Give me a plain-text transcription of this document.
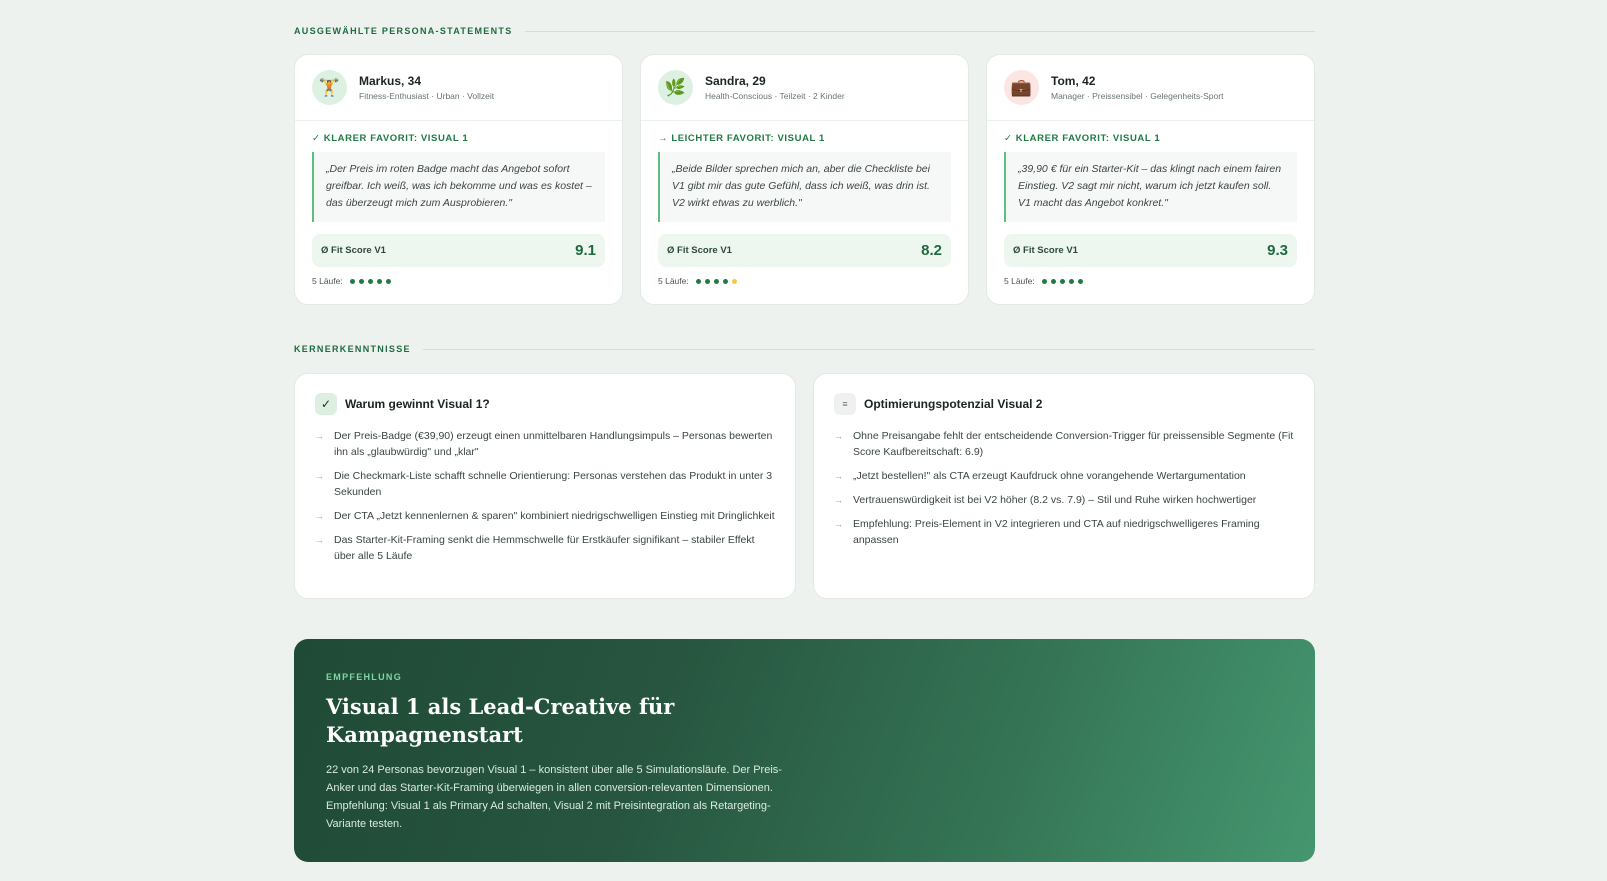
AUSGEWÄHLTE PERSONA-STATEMENTS
🏋	Markus, 34
Fitness-Enthusiast · Urban · Vollzeit
✓ KLARER FAVORIT: VISUAL 1
„Der Preis im roten Badge macht das Angebot sofort greifbar. Ich weiß, was ich bekomme und was es kostet – das überzeugt mich zum Ausprobieren."
Ø Fit Score V1	9.1
5 Läufe:
🌿	Sandra, 29
Health-Conscious · Teilzeit · 2 Kinder
→ LEICHTER FAVORIT: VISUAL 1
„Beide Bilder sprechen mich an, aber die Checkliste bei V1 gibt mir das gute Gefühl, dass ich weiß, was drin ist. V2 wirkt etwas zu werblich."
Ø Fit Score V1	8.2
5 Läufe:
💼	Tom, 42
Manager · Preissensibel · Gelegenheits-Sport
✓ KLARER FAVORIT: VISUAL 1
„39,90 € für ein Starter-Kit – das klingt nach einem fairen Einstieg. V2 sagt mir nicht, warum ich jetzt kaufen soll. V1 macht das Angebot konkret."
Ø Fit Score V1	9.3
5 Läufe:
KERNERKENNTNISSE
✓	Warum gewinnt Visual 1?
→ Der Preis-Badge (€39,90) erzeugt einen unmittelbaren Handlungsimpuls – Personas bewerten ihn als „glaubwürdig" und „klar"
→ Die Checkmark-Liste schafft schnelle Orientierung: Personas verstehen das Produkt in unter 3 Sekunden
→ Der CTA „Jetzt kennenlernen & sparen" kombiniert niedrigschwelligen Einstieg mit Dringlichkeit
→ Das Starter-Kit-Framing senkt die Hemmschwelle für Erstkäufer signifikant – stabiler Effekt über alle 5 Läufe
≡	Optimierungspotenzial Visual 2
→ Ohne Preisangabe fehlt der entscheidende Conversion-Trigger für preissensible Segmente (Fit Score Kaufbereitschaft: 6.9)
→ „Jetzt bestellen!" als CTA erzeugt Kaufdruck ohne vorangehende Wertargumentation
→ Vertrauenswürdigkeit ist bei V2 höher (8.2 vs. 7.9) – Stil und Ruhe wirken hochwertiger
→ Empfehlung: Preis-Element in V2 integrieren und CTA auf niedrigschwelligeres Framing anpassen
EMPFEHLUNG
Visual 1 als Lead-Creative für Kampagnenstart
22 von 24 Personas bevorzugen Visual 1 – konsistent über alle 5 Simulationsläufe. Der Preis-Anker und das Starter-Kit-Framing überwiegen in allen conversion-relevanten Dimensionen. Empfehlung: Visual 1 als Primary Ad schalten, Visual 2 mit Preisintegration als Retargeting-Variante testen.
